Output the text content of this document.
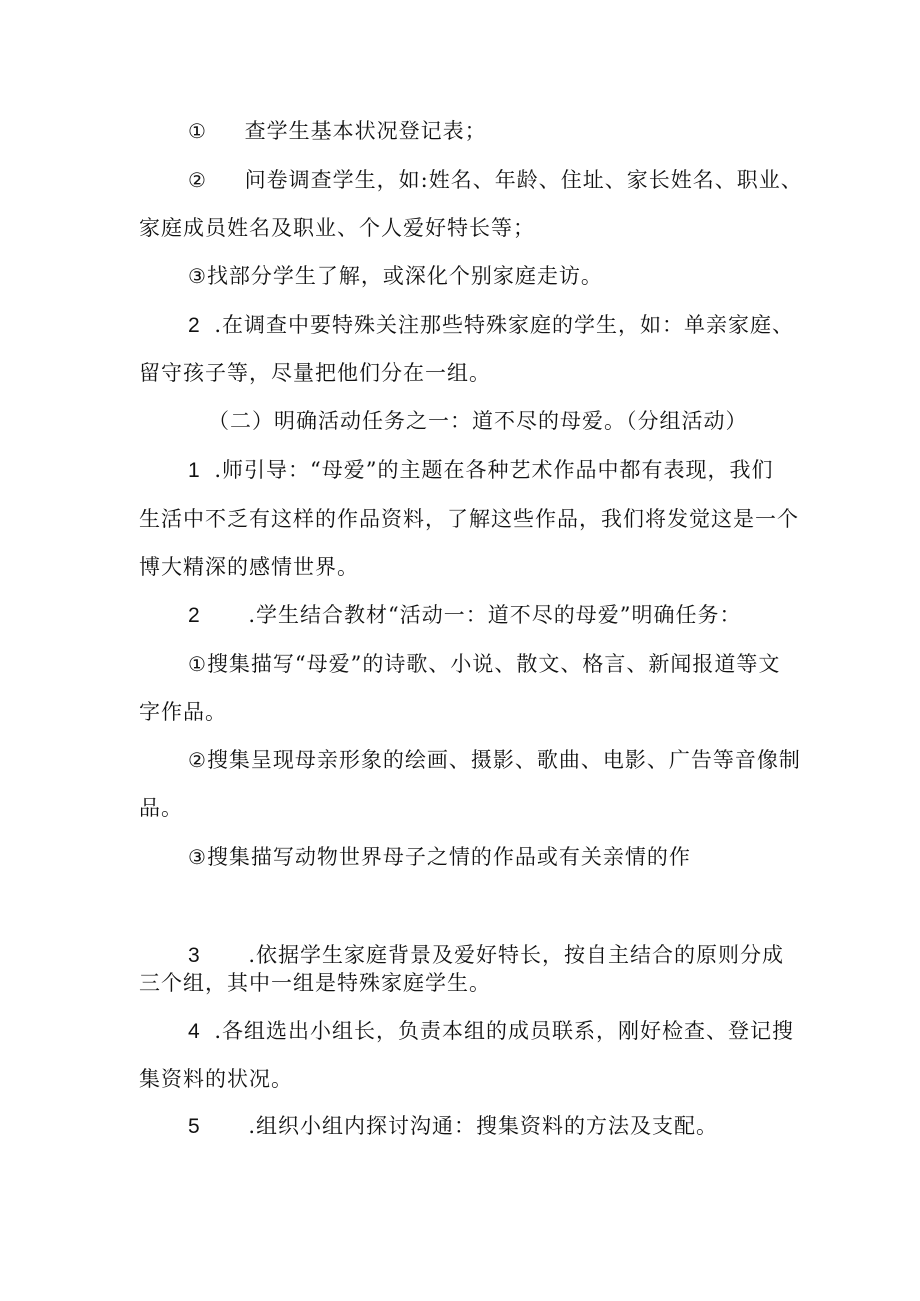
① 查学生基本状况登记表；
② 问卷调查学生，如:姓名、年龄、住址、家长姓名、职业、
家庭成员姓名及职业、个人爱好特长等；
③找部分学生了解，或深化个别家庭走访。
2 .在调查中要特殊关注那些特殊家庭的学生，如：单亲家庭、
留守孩子等，尽量把他们分在一组。
（二）明确活动任务之一：道不尽的母爱。（分组活动）
1 .师引导：“母爱”的主题在各种艺术作品中都有表现，我们
生活中不乏有这样的作品资料，了解这些作品，我们将发觉这是一个
博大精深的感情世界。
2 .学生结合教材“活动一：道不尽的母爱”明确任务：
①搜集描写“母爱”的诗歌、小说、散文、格言、新闻报道等文
字作品。
②搜集呈现母亲形象的绘画、摄影、歌曲、电影、广告等音像制
品。
③搜集描写动物世界母子之情的作品或有关亲情的作
3 .依据学生家庭背景及爱好特长，按自主结合的原则分成
三个组，其中一组是特殊家庭学生。
4 .各组选出小组长，负责本组的成员联系，刚好检查、登记搜
集资料的状况。
5 .组织小组内探讨沟通：搜集资料的方法及支配。
